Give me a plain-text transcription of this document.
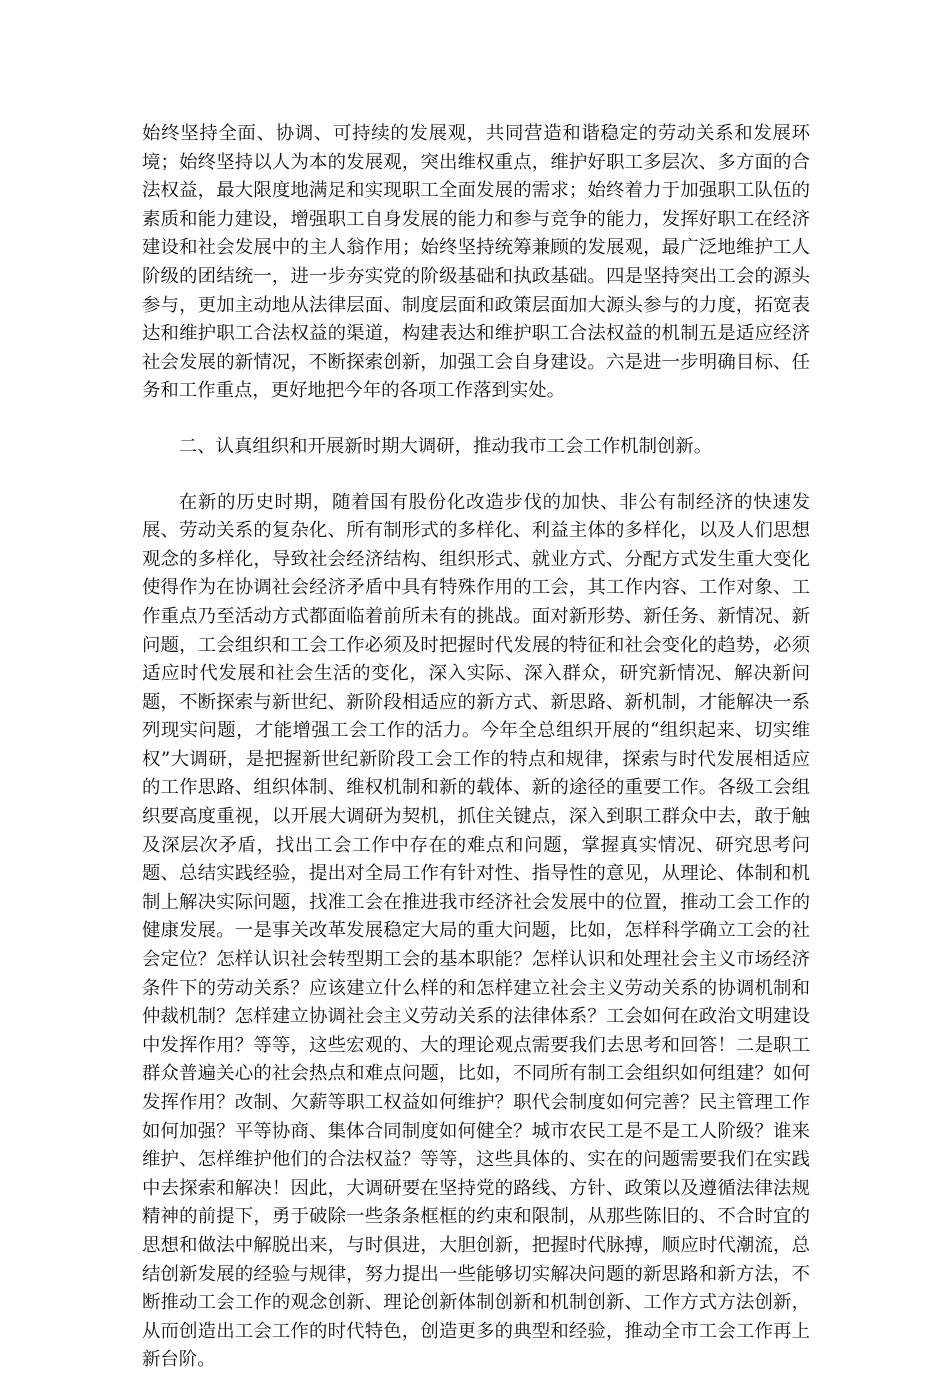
始终坚持全面、协调、可持续的发展观，共同营造和谐稳定的劳动关系和发展环境；始终坚持以人为本的发展观，突出维权重点，维护好职工多层次、多方面的合法权益，最大限度地满足和实现职工全面发展的需求；始终着力于加强职工队伍的素质和能力建设，增强职工自身发展的能力和参与竞争的能力，发挥好职工在经济建设和社会发展中的主人翁作用；始终坚持统筹兼顾的发展观，最广泛地维护工人阶级的团结统一，进一步夯实党的阶级基础和执政基础。四是坚持突出工会的源头参与，更加主动地从法律层面、制度层面和政策层面加大源头参与的力度，拓宽表达和维护职工合法权益的渠道，构建表达和维护职工合法权益的机制五是适应经济社会发展的新情况，不断探索创新，加强工会自身建设。六是进一步明确目标、任务和工作重点，更好地把今年的各项工作落到实处。

二、认真组织和开展新时期大调研，推动我市工会工作机制创新。

在新的历史时期，随着国有股份化改造步伐的加快、非公有制经济的快速发展、劳动关系的复杂化、所有制形式的多样化、利益主体的多样化，以及人们思想观念的多样化，导致社会经济结构、组织形式、就业方式、分配方式发生重大变化使得作为在协调社会经济矛盾中具有特殊作用的工会，其工作内容、工作对象、工作重点乃至活动方式都面临着前所未有的挑战。面对新形势、新任务、新情况、新问题，工会组织和工会工作必须及时把握时代发展的特征和社会变化的趋势，必须适应时代发展和社会生活的变化，深入实际、深入群众，研究新情况、解决新问题，不断探索与新世纪、新阶段相适应的新方式、新思路、新机制，才能解决一系列现实问题，才能增强工会工作的活力。今年全总组织开展的“组织起来、切实维权”大调研，是把握新世纪新阶段工会工作的特点和规律，探索与时代发展相适应的工作思路、组织体制、维权机制和新的载体、新的途径的重要工作。各级工会组织要高度重视，以开展大调研为契机，抓住关键点，深入到职工群众中去，敢于触及深层次矛盾，找出工会工作中存在的难点和问题，掌握真实情况、研究思考问题、总结实践经验，提出对全局工作有针对性、指导性的意见，从理论、体制和机制上解决实际问题，找准工会在推进我市经济社会发展中的位置，推动工会工作的健康发展。一是事关改革发展稳定大局的重大问题，比如，怎样科学确立工会的社会定位？怎样认识社会转型期工会的基本职能？怎样认识和处理社会主义市场经济条件下的劳动关系？应该建立什么样的和怎样建立社会主义劳动关系的协调机制和仲裁机制？怎样建立协调社会主义劳动关系的法律体系？工会如何在政治文明建设中发挥作用？等等，这些宏观的、大的理论观点需要我们去思考和回答！二是职工群众普遍关心的社会热点和难点问题，比如，不同所有制工会组织如何组建？如何发挥作用？改制、欠薪等职工权益如何维护？职代会制度如何完善？民主管理工作如何加强？平等协商、集体合同制度如何健全？城市农民工是不是工人阶级？谁来维护、怎样维护他们的合法权益？等等，这些具体的、实在的问题需要我们在实践中去探索和解决！因此，大调研要在坚持党的路线、方针、政策以及遵循法律法规精神的前提下，勇于破除一些条条框框的约束和限制，从那些陈旧的、不合时宜的思想和做法中解脱出来，与时俱进，大胆创新，把握时代脉搏，顺应时代潮流，总结创新发展的经验与规律，努力提出一些能够切实解决问题的新思路和新方法，不断推动工会工作的观念创新、理论创新体制创新和机制创新、工作方式方法创新，从而创造出工会工作的时代特色，创造更多的典型和经验，推动全市工会工作再上新台阶。
